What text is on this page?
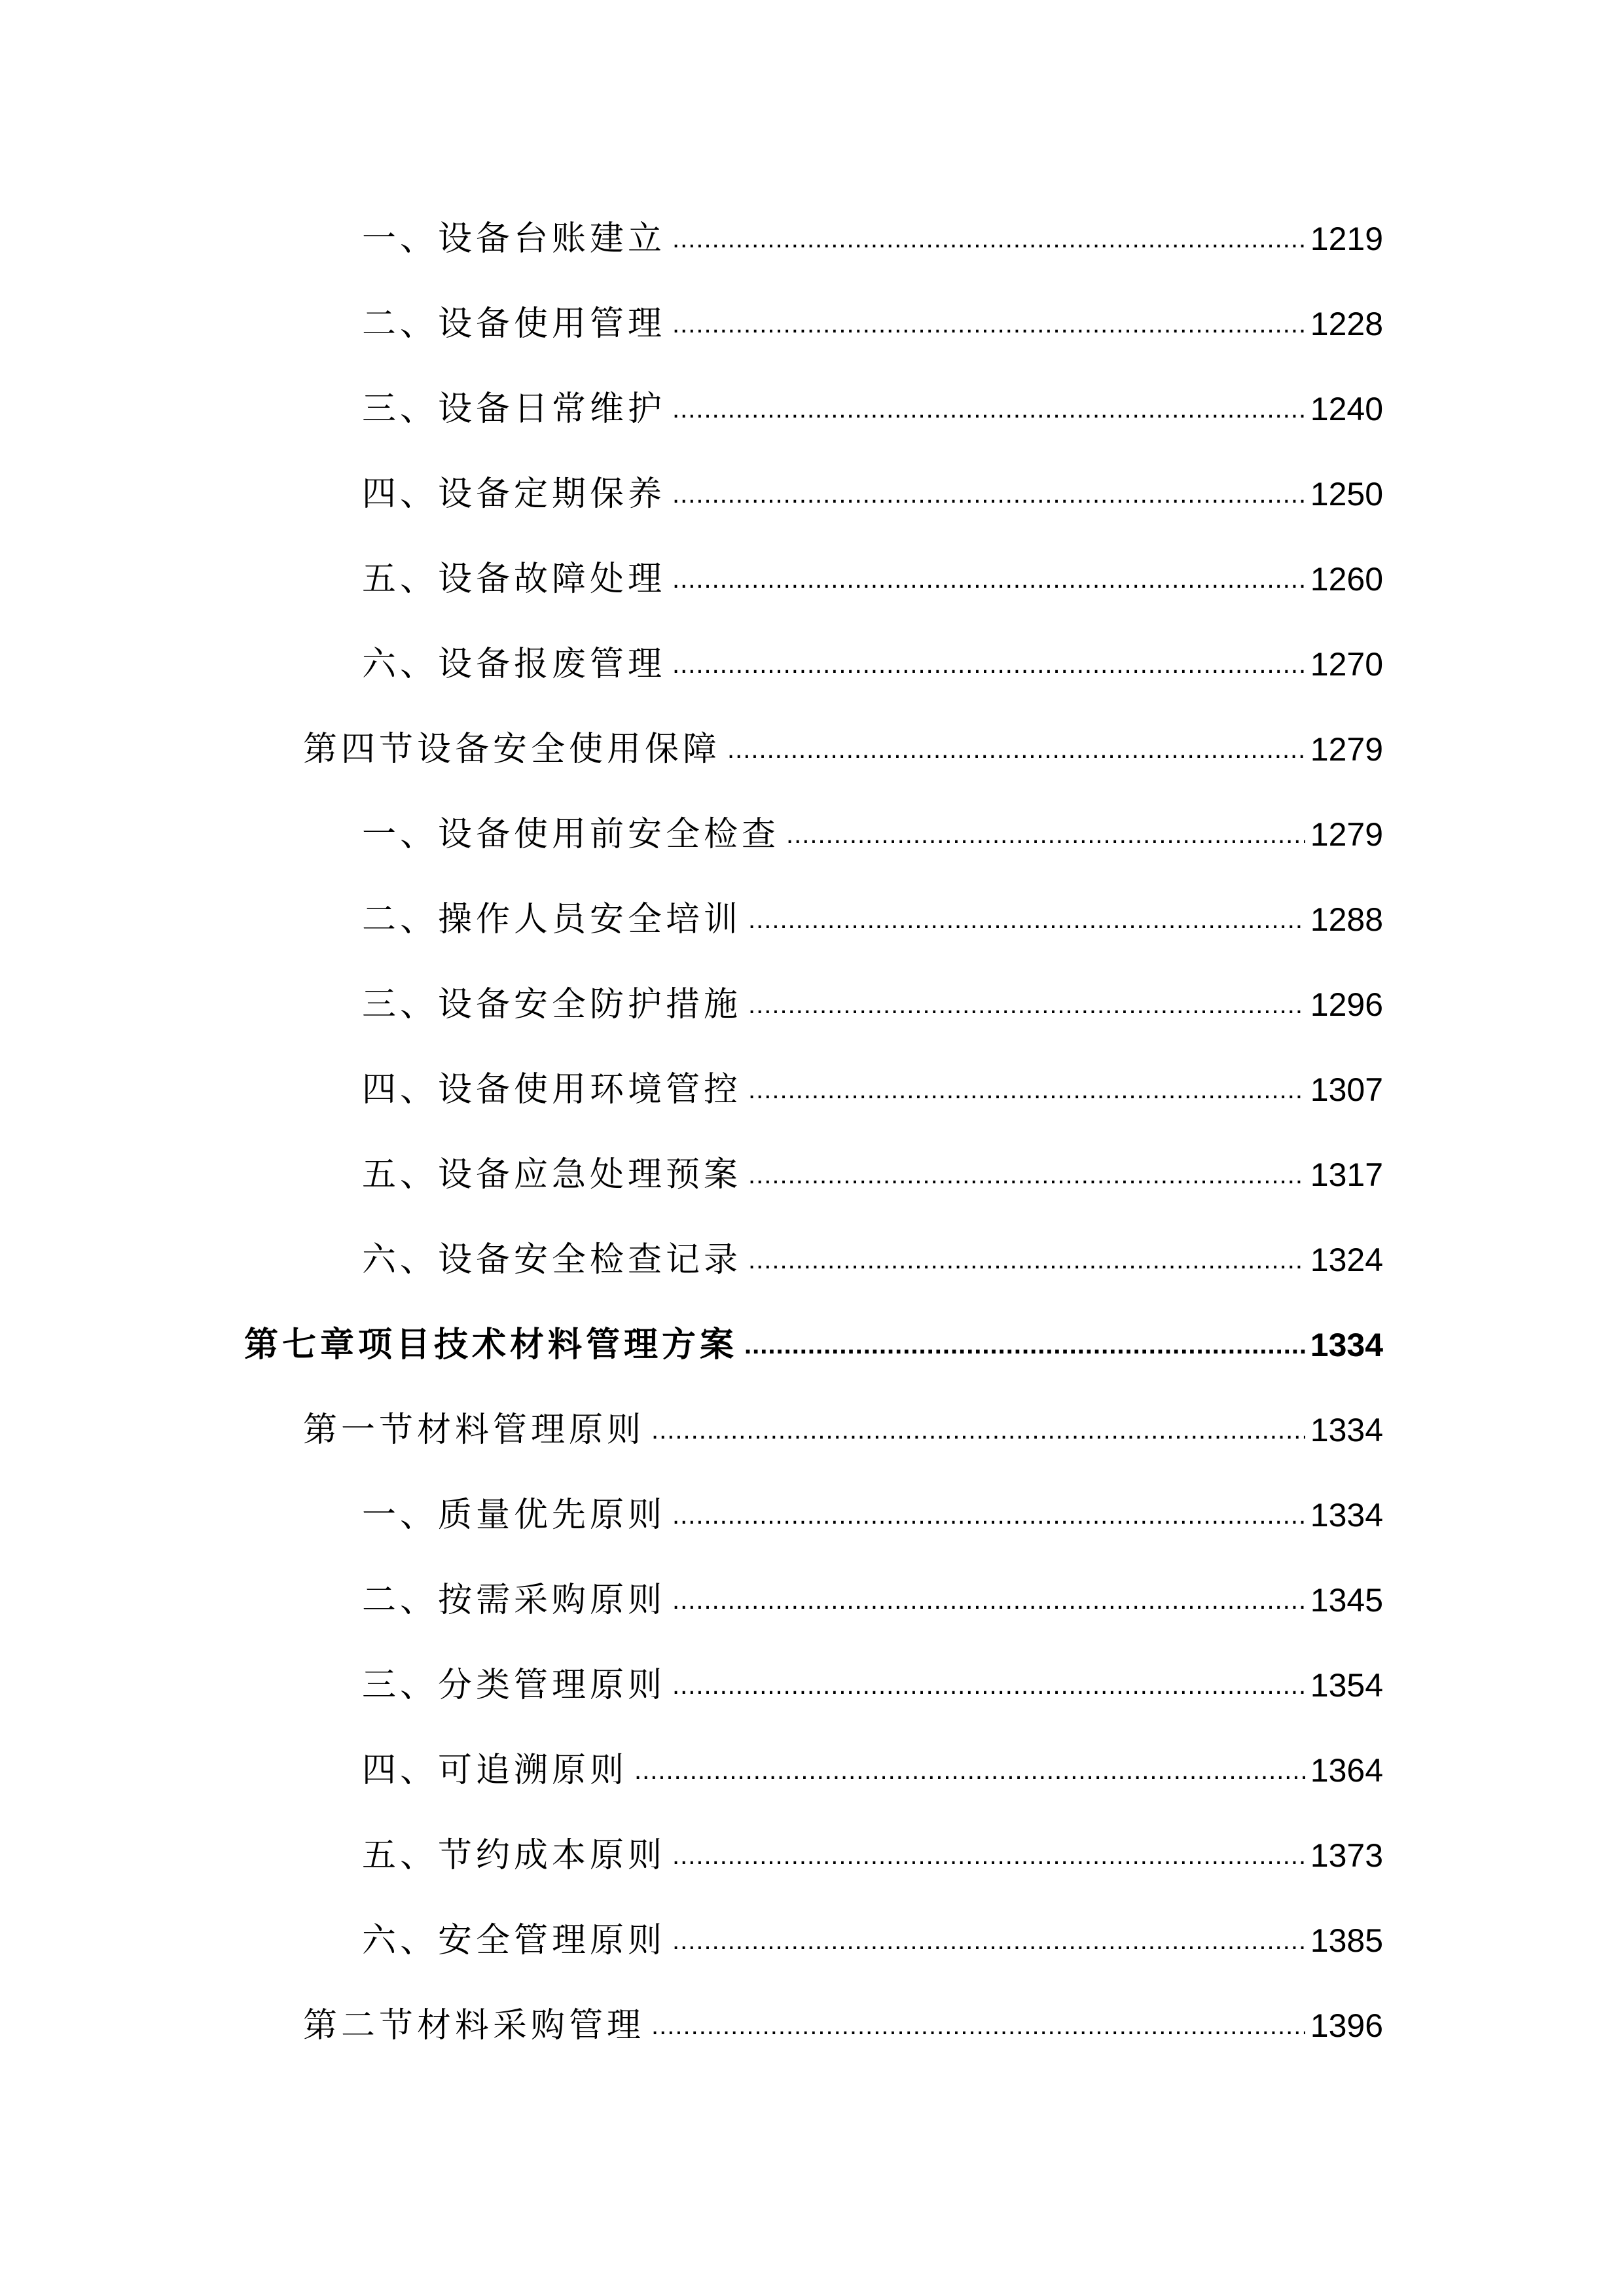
一、设备台账建立 .....	1219
二、设备使用管理 .....	1228
三、设备日常维护 .....	1240
四、设备定期保养 .....	1250
五、设备故障处理 .....	1260
六、设备报废管理 .....	1270
第四节设备安全使用保障 .....	1279
一、设备使用前安全检查 .....	1279
二、操作人员安全培训 .....	1288
三、设备安全防护措施 .....	1296
四、设备使用环境管控 .....	1307
五、设备应急处理预案 .....	1317
六、设备安全检查记录 .....	1324
第七章项目技术材料管理方案 .....	1334
第一节材料管理原则 .....	1334
一、质量优先原则 .....	1334
二、按需采购原则 .....	1345
三、分类管理原则 .....	1354
四、可追溯原则 .....	1364
五、节约成本原则 .....	1373
六、安全管理原则 .....	1385
第二节材料采购管理 .....	1396
